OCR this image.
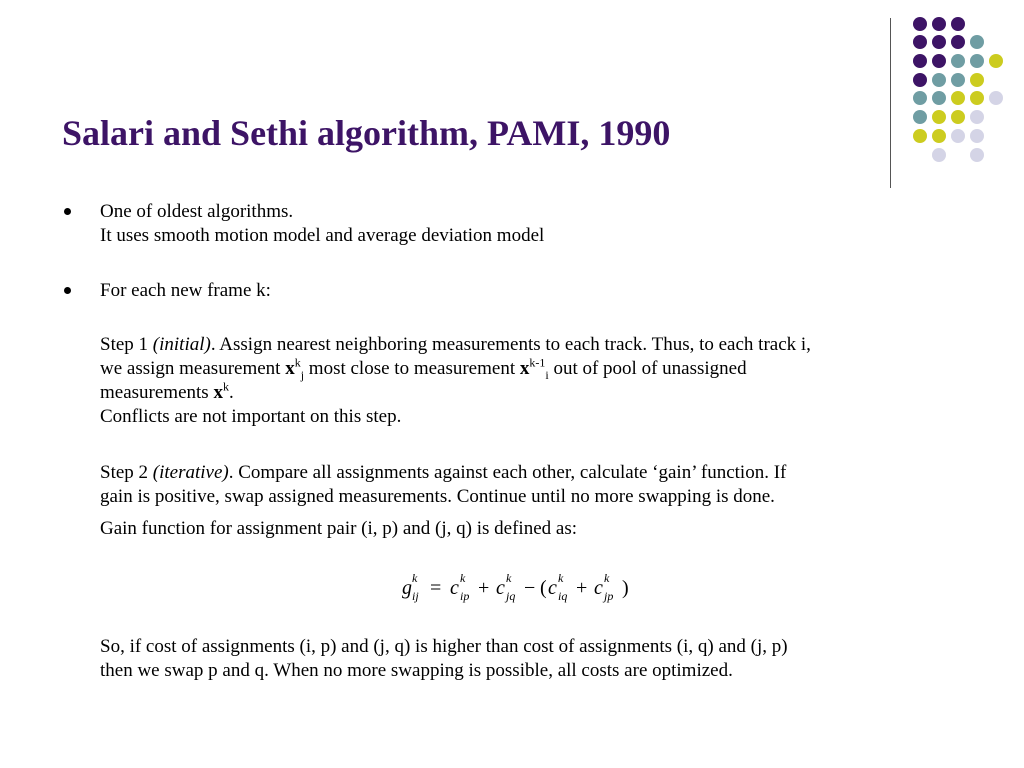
Salari and Sethi algorithm, PAMI, 1990
One of oldest algorithms.
It uses smooth motion model and average deviation model
For each new frame k:
Step 1 (initial). Assign nearest neighboring measurements to each track. Thus, to each track i,
we assign measurement $x^k_j$ most close to measurement $x^{k-1}_i$ out of pool of unassigned
measurements $x^k$.
Conflicts are not important on this step.
Step 2 (iterative). Compare all assignments against each other, calculate ‘gain’ function. If
gain is positive, swap assigned measurements. Continue until no more swapping is done.
Gain function for assignment pair (i, p) and (j, q) is defined as:
g k
ij = c k
ip + c k
jq − ( c k
iq + c k
jp )
So, if cost of assignments (i, p) and (j, q) is higher than cost of assignments (i, q) and (j, p)
then we swap p and q. When no more swapping is possible, all costs are optimized.
